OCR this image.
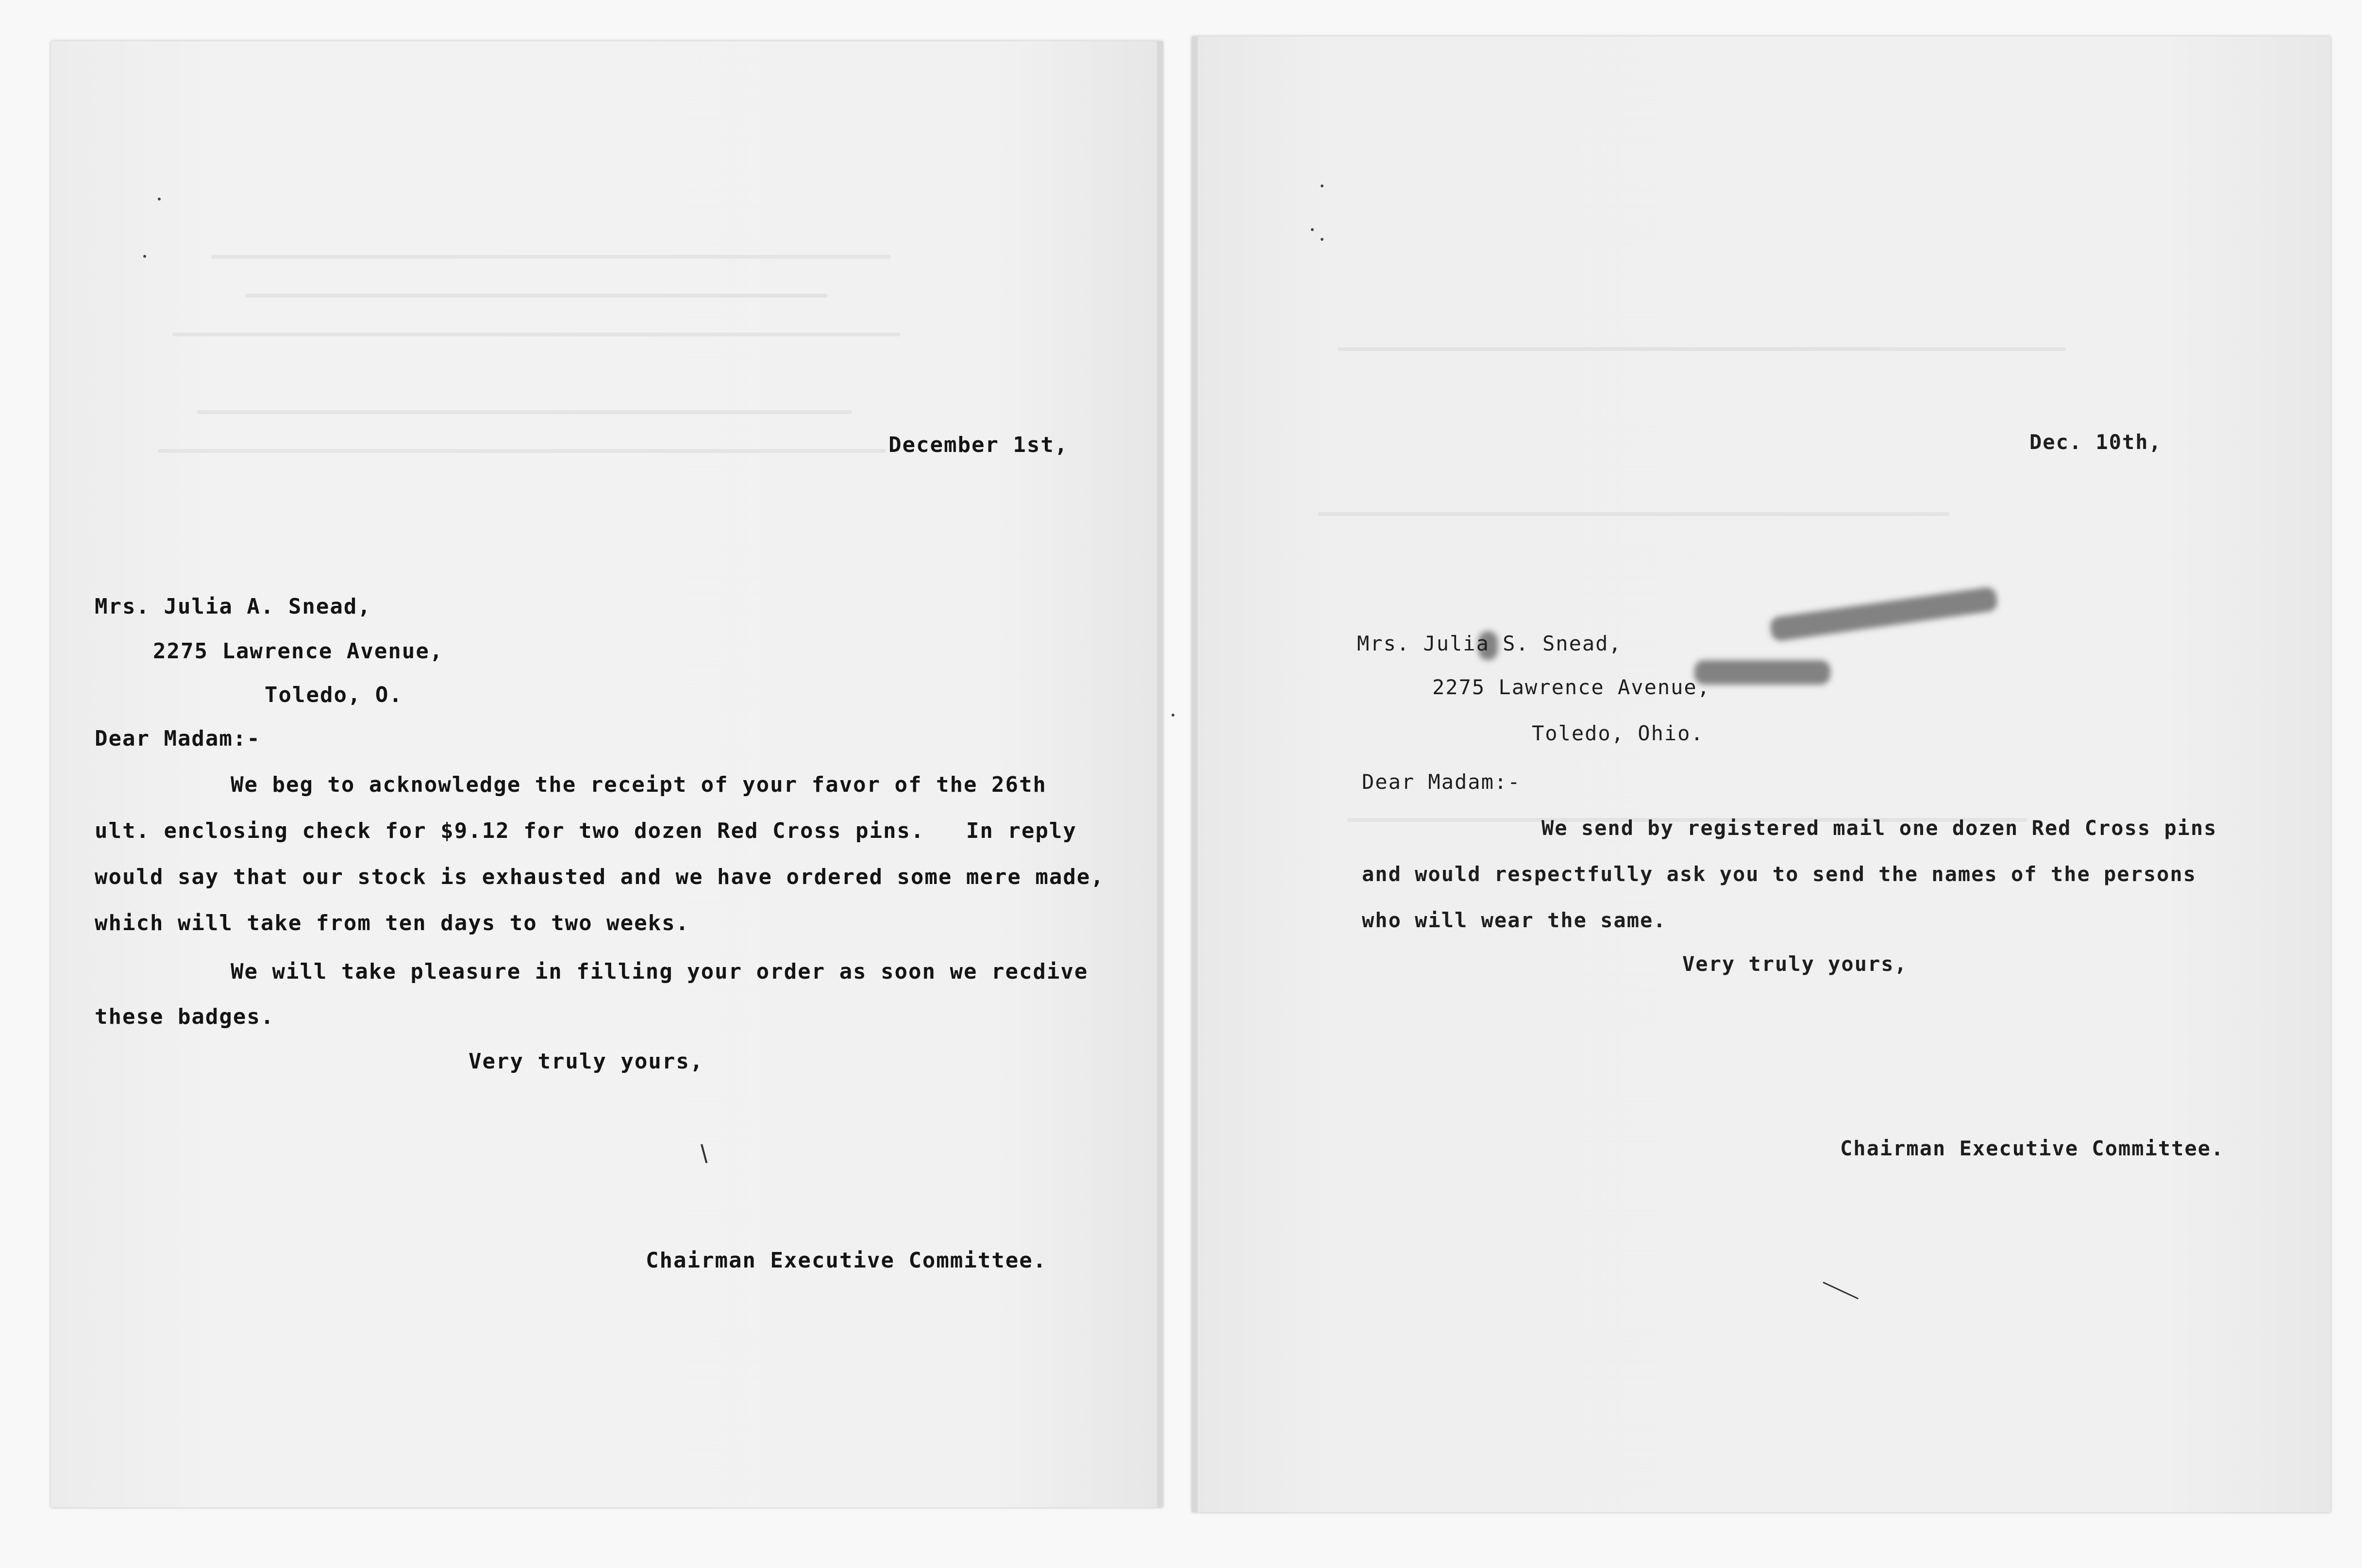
December 1st,
Mrs. Julia A. Snead,
2275 Lawrence Avenue,
Toledo, O.
Dear Madam:-
We beg to acknowledge the receipt of your favor of the 26th
ult. enclosing check for $9.12 for two dozen Red Cross pins.   In reply
would say that our stock is exhausted and we have ordered some mere made,
which will take from ten days to two weeks.
We will take pleasure in filling your order as soon we recdive
these badges.
Very truly yours,
Chairman Executive Committee.
Dec. 10th,
Mrs. Julia S. Snead,
2275 Lawrence Avenue,
Toledo, Ohio.
Dear Madam:-
We send by registered mail one dozen Red Cross pins
and would respectfully ask you to send the names of the persons
who will wear the same.
Very truly yours,
Chairman Executive Committee.
